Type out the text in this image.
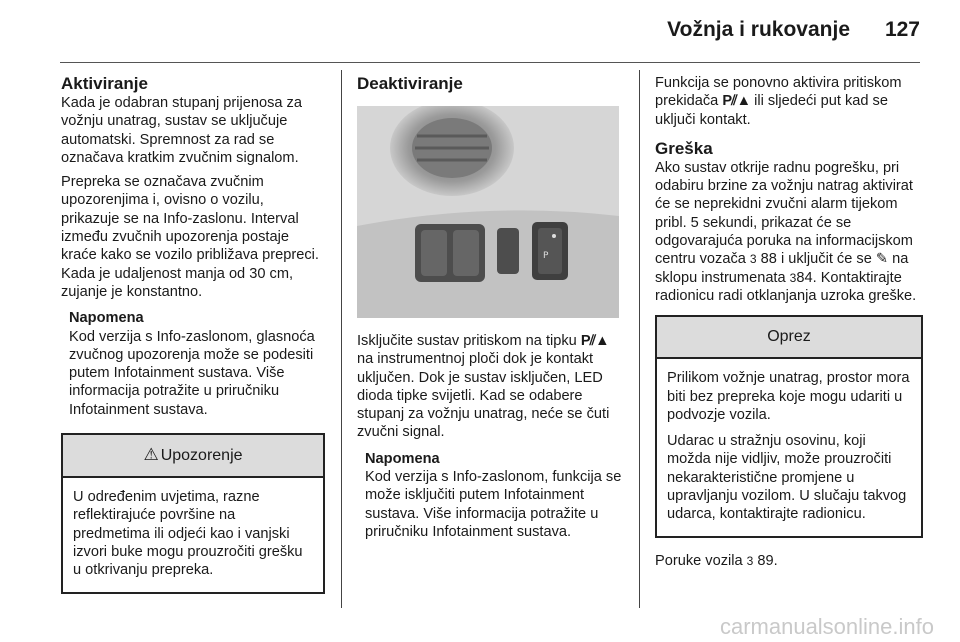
Vožnja i rukovanje 127
Aktiviranje

Kada je odabran stupanj prijenosa za vožnju unatrag, sustav se uključuje automatski. Spremnost za rad se označava kratkim zvučnim signalom.

Prepreka se označava zvučnim upozorenjima i, ovisno o vozilu, prikazuje se na Info-zaslonu. Interval između zvučnih upozorenja postaje kraće kako se vozilo približava prepreci. Kada je udaljenost manja od 30 cm, zujanje je konstantno.

Napomena
Kod verzija s Info-zaslonom, glasnoća zvučnog upozorenja može se podesiti putem Infotainment sustava. Više informacija potražite u priručniku Infotainment sustava.
⚠ Upozorenje

U određenim uvjetima, razne reflektirajuće površine na predmetima ili odjeći kao i vanjski izvori buke mogu prouzročiti grešku u otkrivanju prepreka.

Deaktiviranje
P

Isključite sustav pritiskom na tipku P⫽▲ na instrumentnoj ploči dok je kontakt uključen. Dok je sustav isključen, LED dioda tipke svijetli. Kad se odabere stupanj za vožnju unatrag, neće se čuti zvučni signal.

Napomena
Kod verzija s Info-zaslonom, funkcija se može isključiti putem Infotainment sustava. Više informacija potražite u priručniku Infotainment sustava.

Funkcija se ponovno aktivira pritiskom prekidača P⫽▲ ili sljedeći put kad se uključi kontakt.

Greška

Ako sustav otkrije radnu pogrešku, pri odabiru brzine za vožnju natrag aktivirat će se neprekidni zvučni alarm tijekom pribl. 5 sekundi, prikazat će se odgovarajuća poruka na informacijskom centru vozača 3 88 i uključit će se ✎ na sklopu instrumenata 384. Kontaktirajte radionicu radi otklanjanja uzroka greške.

Oprez

Prilikom vožnje unatrag, prostor mora biti bez prepreka koje mogu udariti u podvozje vozila.

Udarac u stražnju osovinu, koji možda nije vidljiv, može prouzročiti nekarakteristične promjene u upravljanju vozilom. U slučaju takvog udarca, kontaktirajte radionicu.

Poruke vozila 3 89.

carmanualsonline.info
